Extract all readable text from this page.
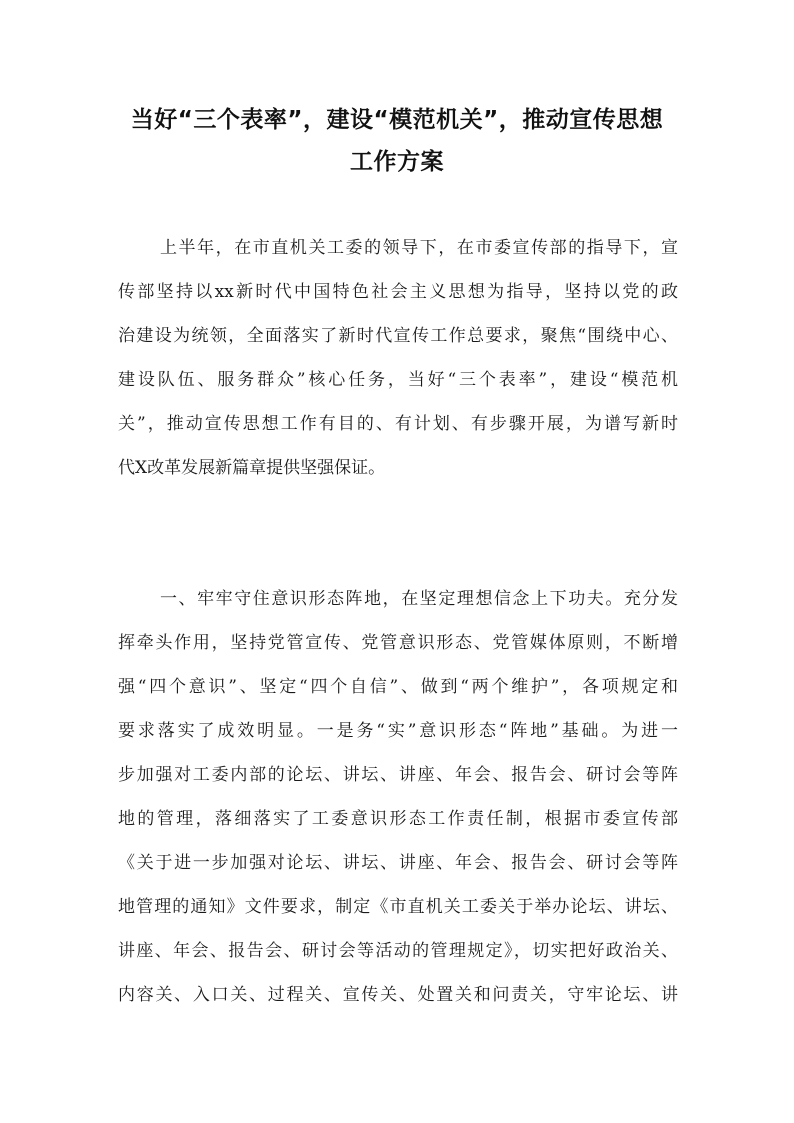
当好“三个表率”，建设“模范机关”，推动宣传思想
工作方案
上半年，在市直机关工委的领导下，在市委宣传部的指导下，宣
传部坚持以xx新时代中国特色社会主义思想为指导，坚持以党的政
治建设为统领，全面落实了新时代宣传工作总要求，聚焦“围绕中心、
建设队伍、服务群众”核心任务，当好“三个表率”，建设“模范机
关”，推动宣传思想工作有目的、有计划、有步骤开展，为谱写新时
代X改革发展新篇章提供坚强保证。
一、牢牢守住意识形态阵地，在坚定理想信念上下功夫。充分发
挥牵头作用，坚持党管宣传、党管意识形态、党管媒体原则，不断增
强“四个意识”、坚定“四个自信”、做到“两个维护”，各项规定和
要求落实了成效明显。一是务“实”意识形态“阵地”基础。为进一
步加强对工委内部的论坛、讲坛、讲座、年会、报告会、研讨会等阵
地的管理，落细落实了工委意识形态工作责任制，根据市委宣传部
《关于进一步加强对论坛、讲坛、讲座、年会、报告会、研讨会等阵
地管理的通知》文件要求，制定《市直机关工委关于举办论坛、讲坛、
讲座、年会、报告会、研讨会等活动的管理规定》，切实把好政治关、
内容关、入口关、过程关、宣传关、处置关和问责关，守牢论坛、讲
